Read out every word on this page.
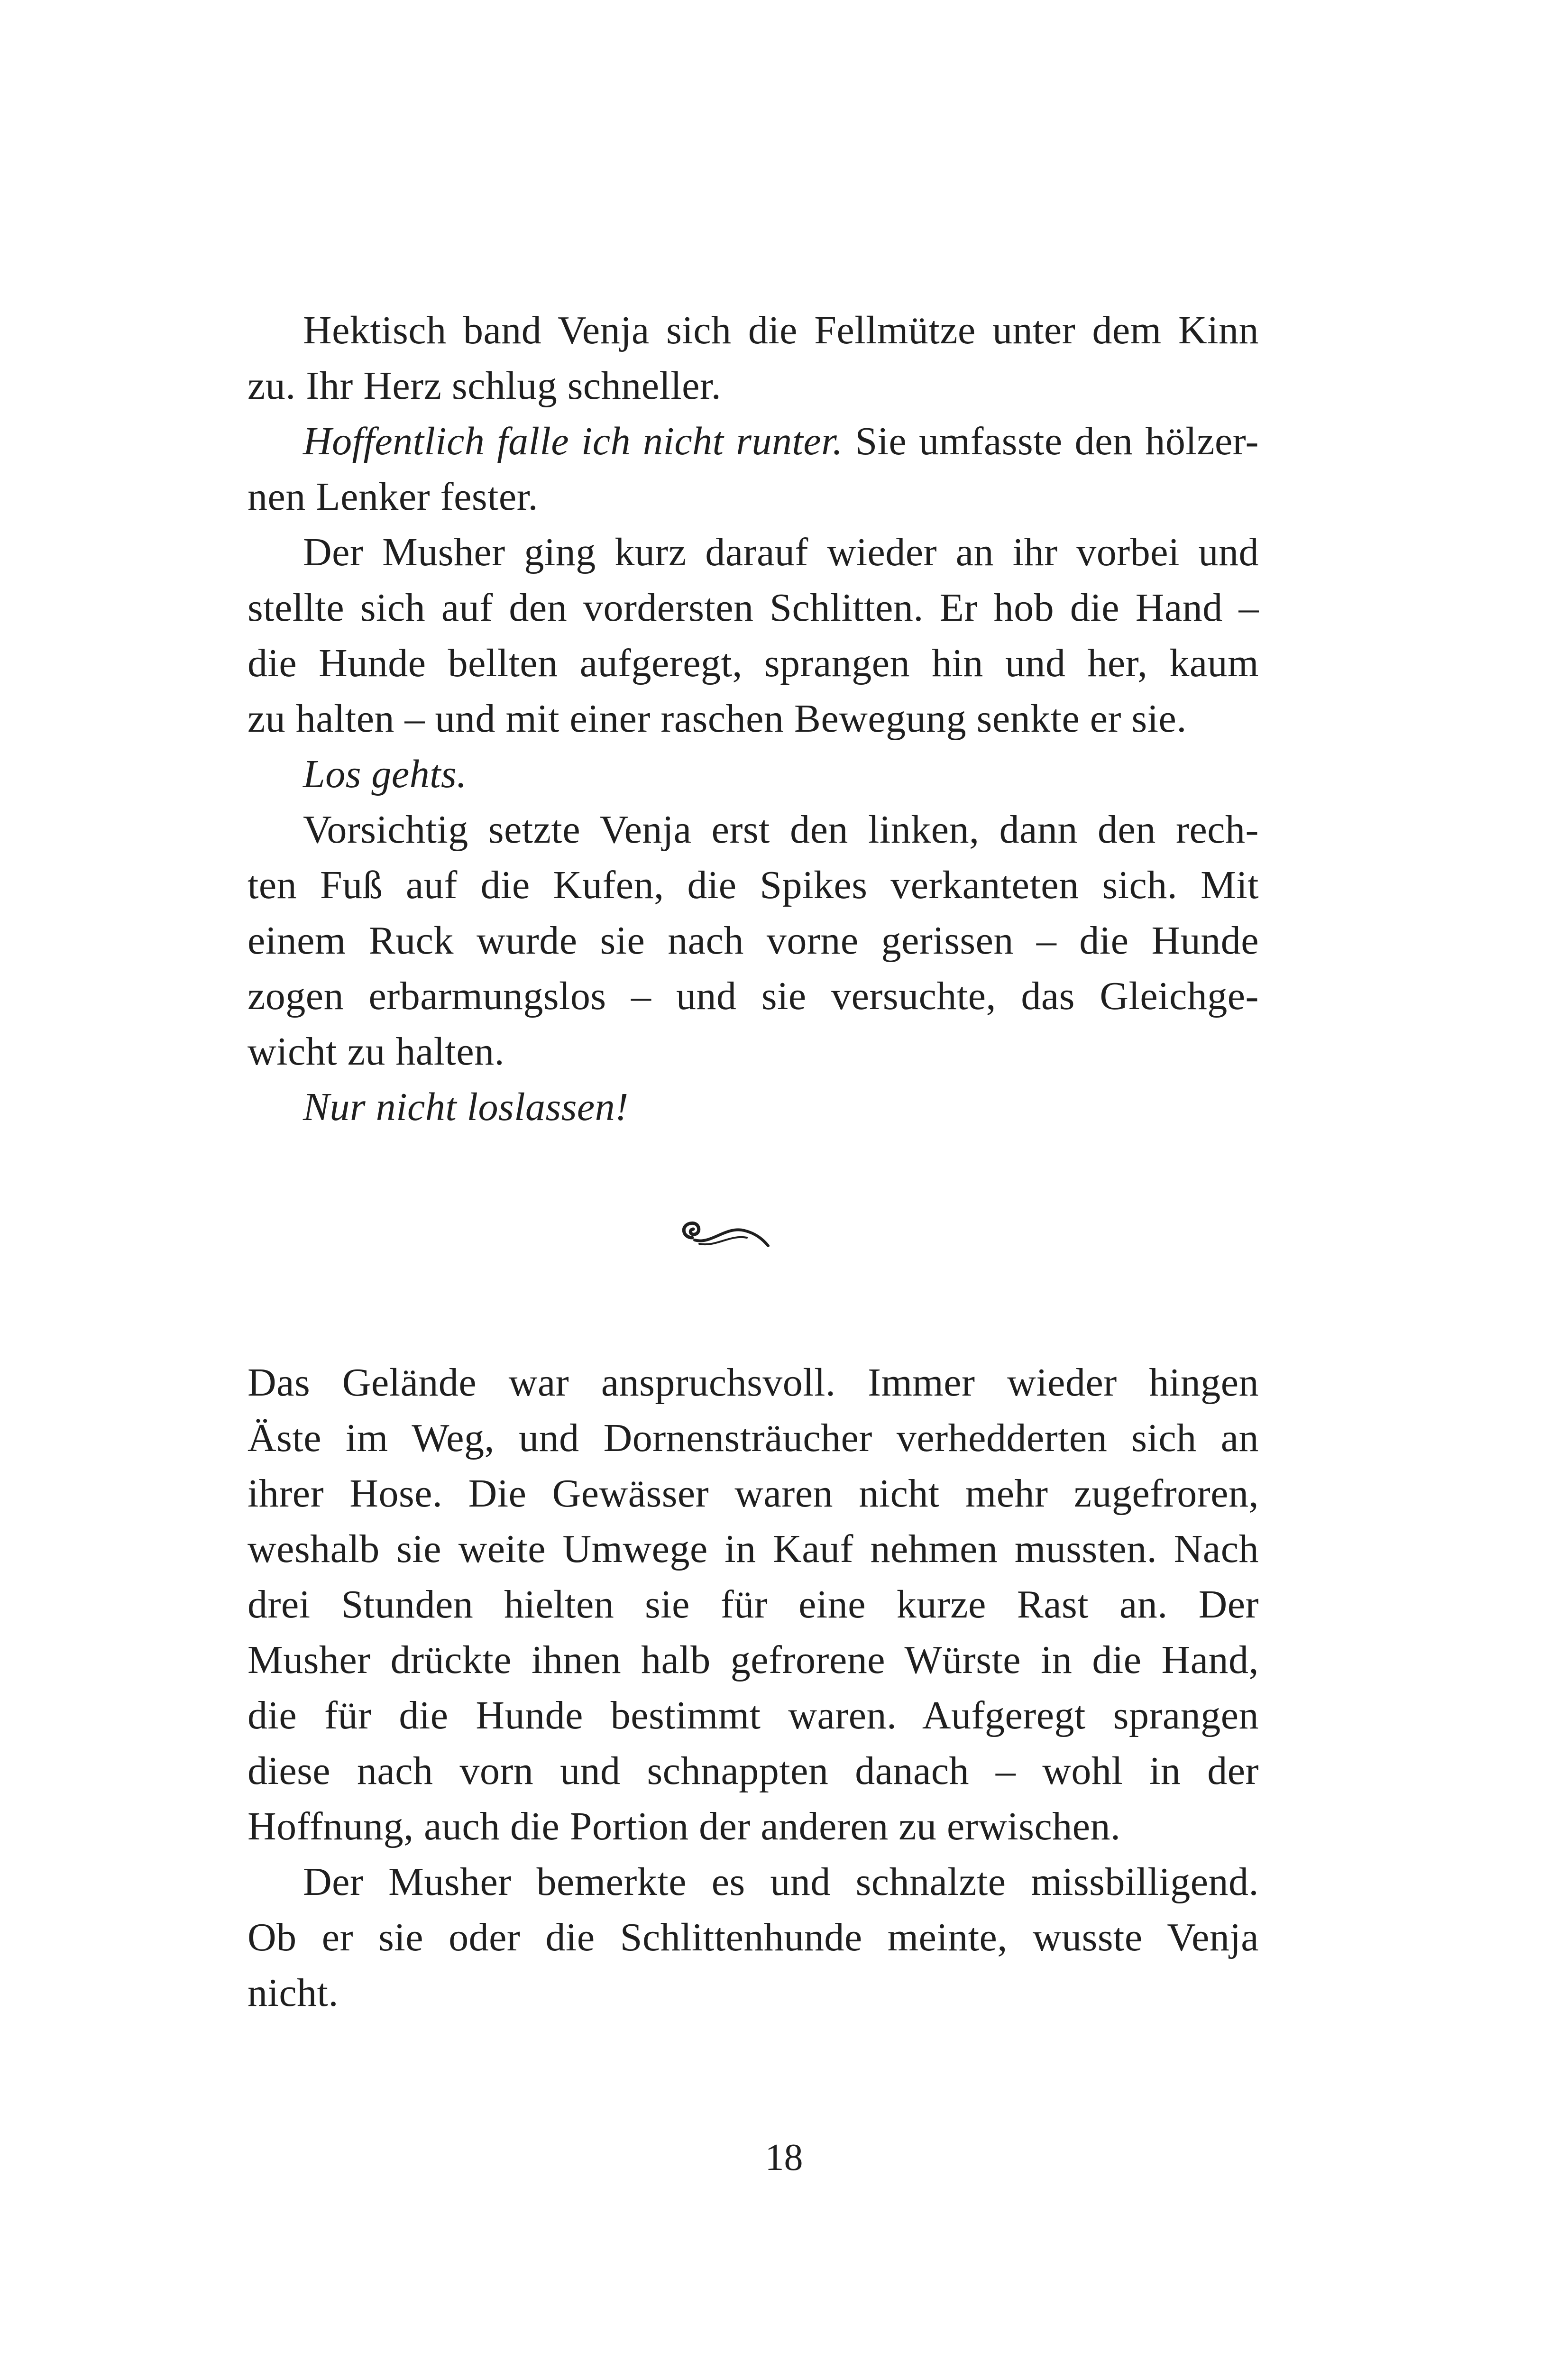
Hektisch band Venja sich die Fellmütze unter dem Kinn
zu. Ihr Herz schlug schneller.
Hoffentlich falle ich nicht runter. Sie umfasste den hölzer-
nen Lenker fester.
Der Musher ging kurz darauf wieder an ihr vorbei und
stellte sich auf den vordersten Schlitten. Er hob die Hand –
die Hunde bellten aufgeregt, sprangen hin und her, kaum
zu halten – und mit einer raschen Bewegung senkte er sie.
Los gehts.
Vorsichtig setzte Venja erst den linken, dann den rech-
ten Fuß auf die Kufen, die Spikes verkanteten sich. Mit
einem Ruck wurde sie nach vorne gerissen – die Hunde
zogen erbarmungslos – und sie versuchte, das Gleichge-
wicht zu halten.
Nur nicht loslassen!
Das Gelände war anspruchsvoll. Immer wieder hingen
Äste im Weg, und Dornensträucher verhedderten sich an
ihrer Hose. Die Gewässer waren nicht mehr zugefroren,
weshalb sie weite Umwege in Kauf nehmen mussten. Nach
drei Stunden hielten sie für eine kurze Rast an. Der
Musher drückte ihnen halb gefrorene Würste in die Hand,
die für die Hunde bestimmt waren. Aufgeregt sprangen
diese nach vorn und schnappten danach – wohl in der
Hoffnung, auch die Portion der anderen zu erwischen.
Der Musher bemerkte es und schnalzte missbilligend.
Ob er sie oder die Schlittenhunde meinte, wusste Venja
nicht.
18
